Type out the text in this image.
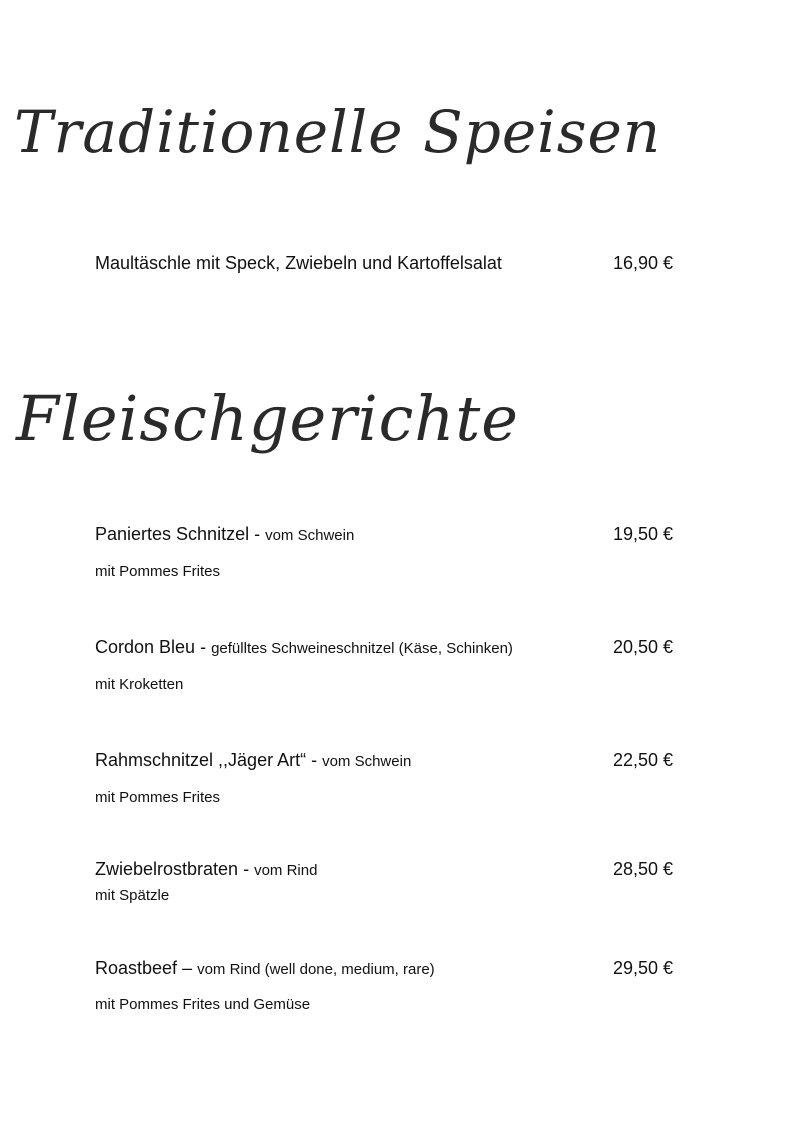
Traditionelle Speisen

Maultäschle mit Speck, Zwiebeln und Kartoffelsalat	16,90 €

Fleischgerichte

Paniertes Schnitzel - vom Schwein	19,50 €

mit Pommes Frites

Cordon Bleu - gefülltes Schweineschnitzel (Käse, Schinken)	20,50 €

mit Kroketten

Rahmschnitzel ,,Jäger Art“ - vom Schwein	22,50 €

mit Pommes Frites

Zwiebelrostbraten - vom Rind	28,50 €

mit Spätzle

Roastbeef – vom Rind (well done, medium, rare)	29,50 €

mit Pommes Frites und Gemüse
